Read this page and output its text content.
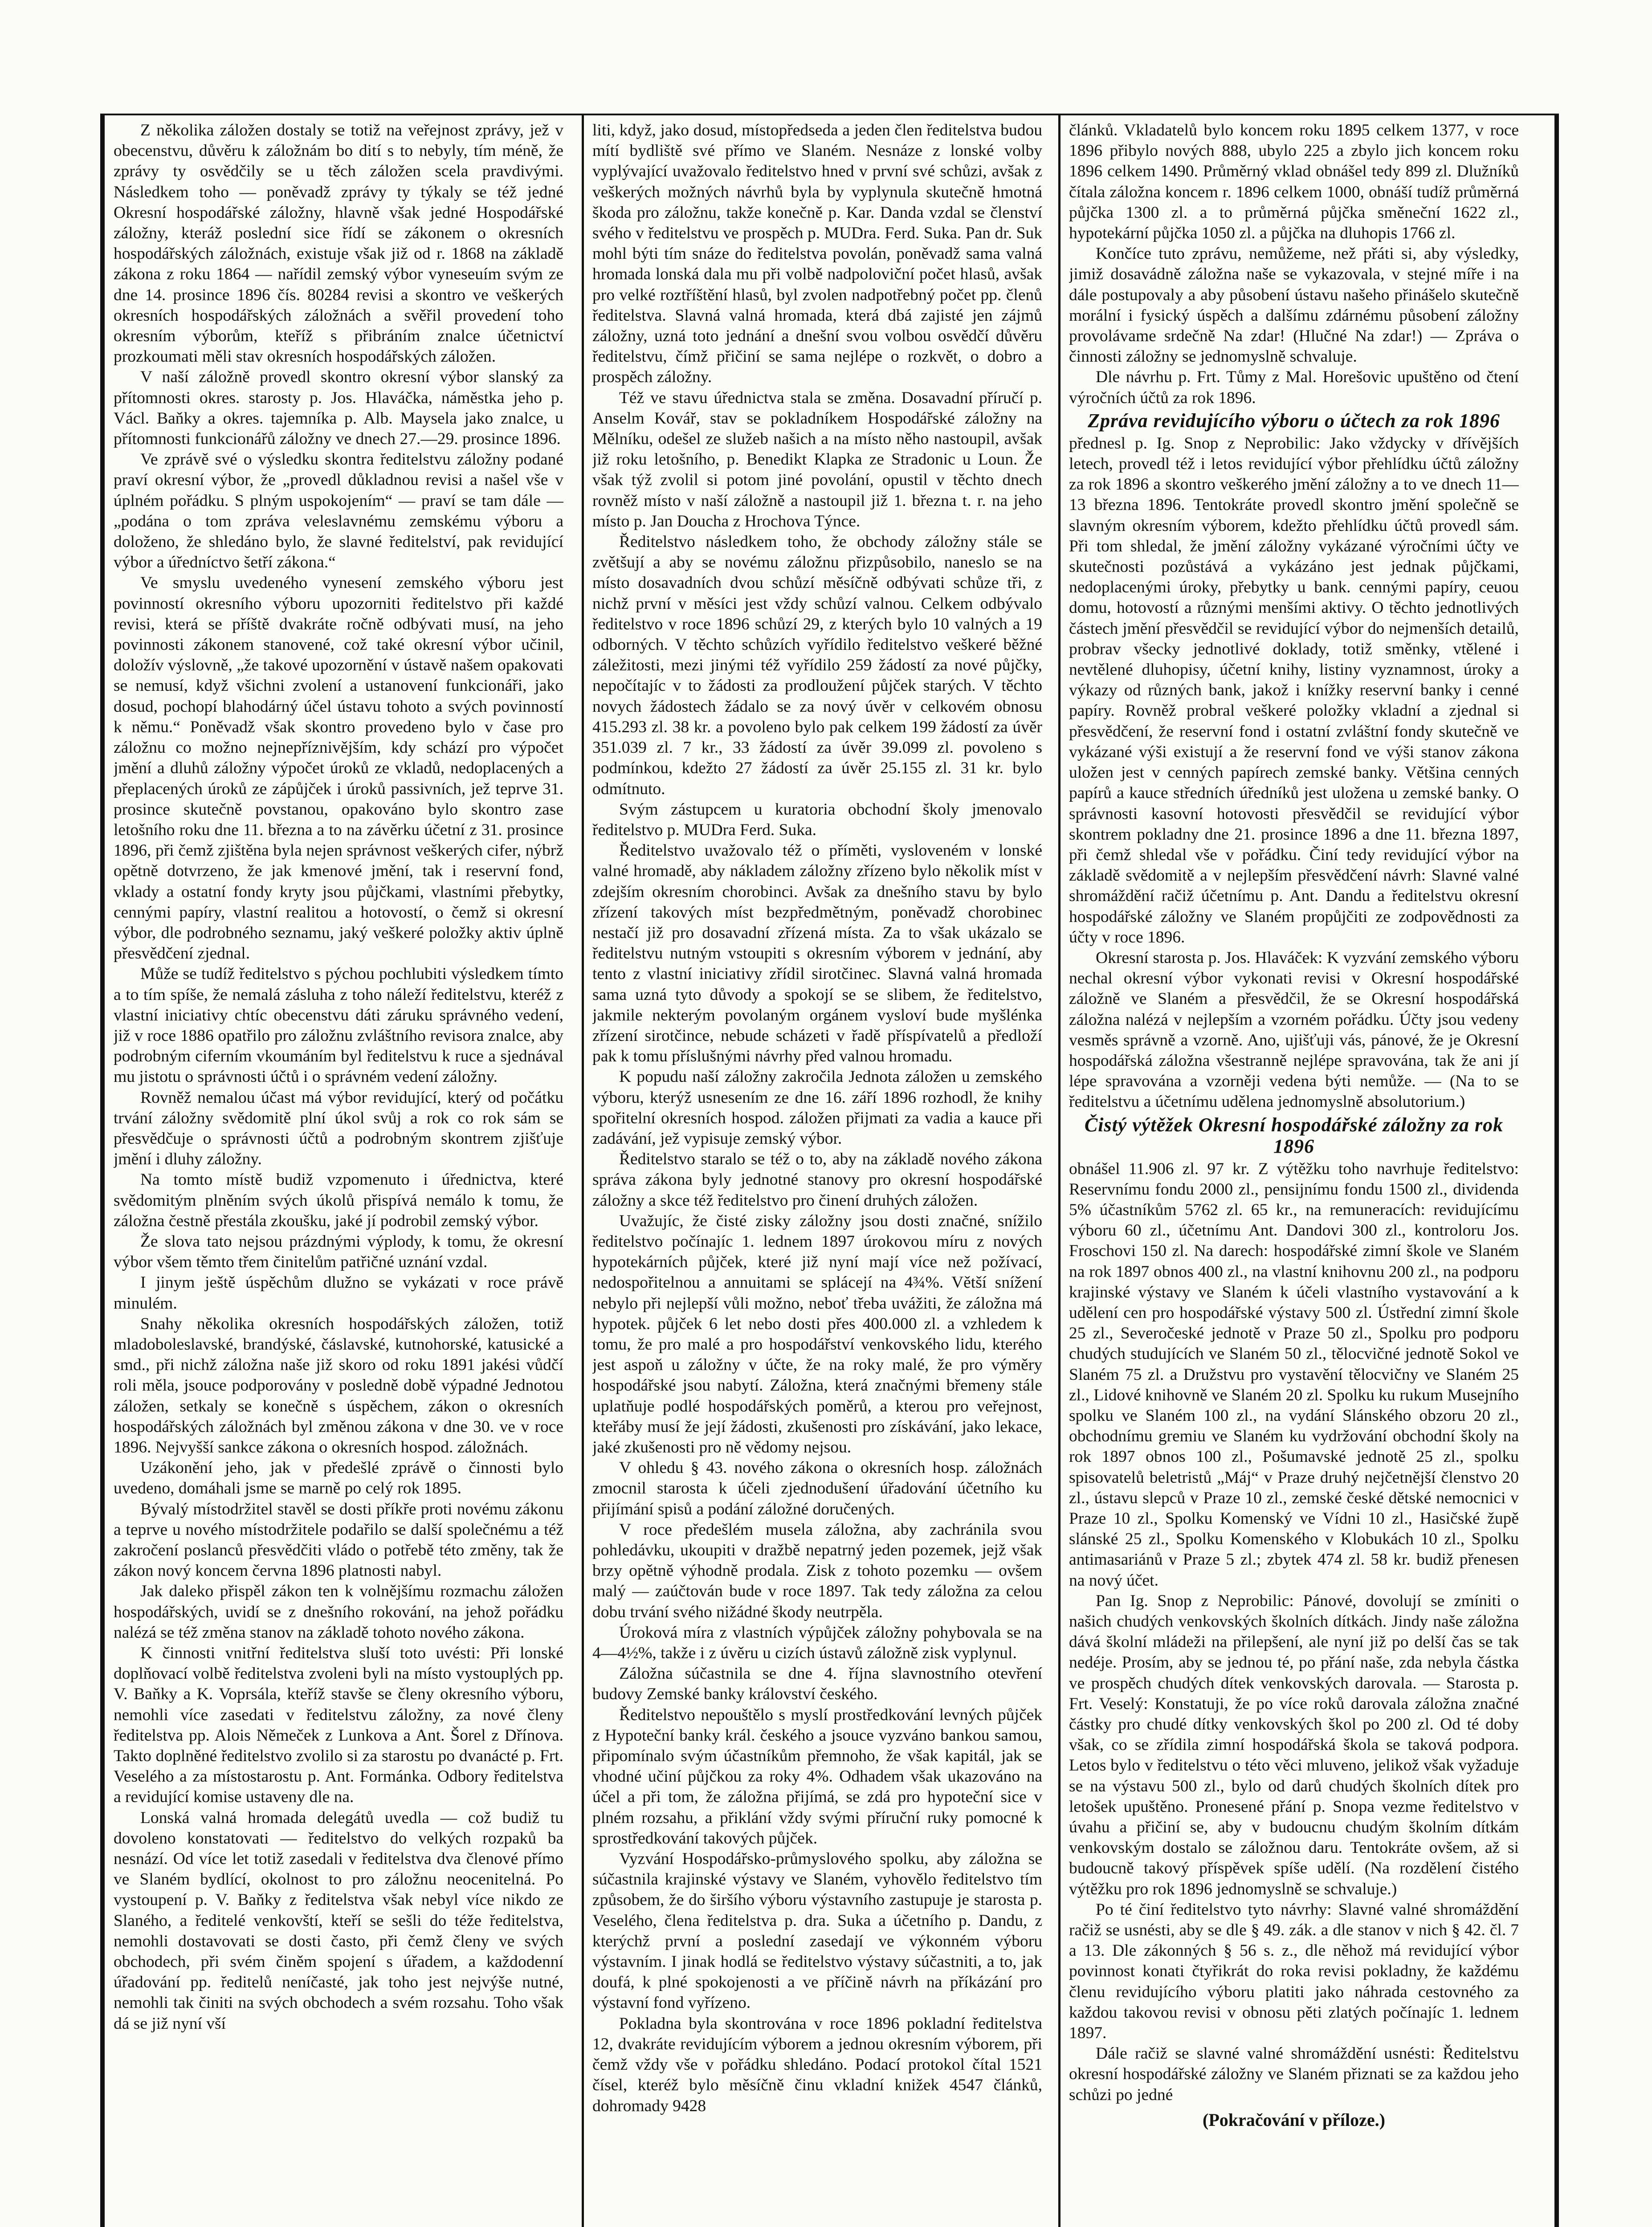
Z několika záložen dostaly se totiž na veřejnost zprávy, jež v obecenstvu, důvěru k záložnám bo dití s to nebyly, tím méně, že zprávy ty osvědčily se u těch záložen scela pravdivými. Následkem toho — poněvadž zprávy ty týkaly se též jedné Okresní hospodářské záložny, hlavně však jedné Hospodářské záložny, kteráž poslední sice řídí se zákonem o okresních hospodářských záložnách, existuje však již od r. 1868 na základě zákona z roku 1864 — nařídil zemský výbor vyneseuím svým ze dne 14. prosince 1896 čís. 80284 revisi a skontro ve veškerých okresních hospodářských záložnách a svěřil provedení toho okresním výborům, kteříž s přibráním znalce účetnictví prozkoumati měli stav okresních hospodářských záložen.

V naší záložně provedl skontro okresní výbor slanský za přítomnosti okres. starosty p. Jos. Hlaváčka, náměstka jeho p. Václ. Baňky a okres. tajemníka p. Alb. Maysela jako znalce, u přítomnosti funkcionářů záložny ve dnech 27.—29. prosince 1896.

Ve zprávě své o výsledku skontra ředitelstvu záložny podané praví okresní výbor, že „provedl důkladnou revisi a našel vše v úplném pořádku. S plným uspokojením“ — praví se tam dále — „podána o tom zpráva veleslavnému zemskému výboru a doloženo, že shledáno bylo, že slavné ředitelství, pak revidující výbor a úředníctvo šetří zákona.“

Ve smyslu uvedeného vynesení zemského výboru jest povinností okresního výboru upozorniti ředitelstvo při každé revisi, která se příště dvakráte ročně odbývati musí, na jeho povinnosti zákonem stanovené, což také okresní výbor učinil, doložív výslovně, „že takové upozornění v ústavě našem opakovati se nemusí, když všichni zvolení a ustanovení funkcionáři, jako dosud, pochopí blahodárný účel ústavu tohoto a svých povinností k němu.“ Poněvadž však skontro provedeno bylo v čase pro záložnu co možno nejnepříznivějším, kdy schází pro výpočet jmění a dluhů záložny výpočet úroků ze vkladů, nedoplacených a přeplacených úroků ze zápůjček i úroků passivních, jež teprve 31. prosince skutečně povstanou, opakováno bylo skontro zase letošního roku dne 11. března a to na závěrku účetní z 31. prosince 1896, při čemž zjištěna byla nejen správnost veškerých cifer, nýbrž opětně dotvrzeno, že jak kmenové jmění, tak i reservní fond, vklady a ostatní fondy kryty jsou půjčkami, vlastními přebytky, cennými papíry, vlastní realitou a hotovostí, o čemž si okresní výbor, dle podrobného seznamu, jaký veškeré položky aktiv úplně přesvědčení zjednal.

Může se tudíž ředitelstvo s pýchou pochlubiti výsledkem tímto a to tím spíše, že nemalá zásluha z toho náleží ředitelstvu, kteréž z vlastní iniciativy chtíc obecenstvu dáti záruku správného vedení, již v roce 1886 opatřilo pro záložnu zvláštního revisora znalce, aby podrobným ciferním vkoumáním byl ředitelstvu k ruce a sjednával mu jistotu o správnosti účtů i o správném vedení záložny.

Rovněž nemalou účast má výbor revidující, který od počátku trvání záložny svědomitě plní úkol svůj a rok co rok sám se přesvědčuje o správnosti účtů a podrobným skontrem zjišťuje jmění i dluhy záložny.

Na tomto místě budiž vzpomenuto i úřednictva, které svědomitým plněním svých úkolů přispívá nemálo k tomu, že záložna čestně přestála zkoušku, jaké jí podrobil zemský výbor.

Že slova tato nejsou prázdnými výplody, k tomu, že okresní výbor všem těmto třem činitelům patřičné uznání vzdal.

I jinym ještě úspěchům dlužno se vykázati v roce právě minulém.

Snahy několika okresních hospodářských záložen, totiž mladoboleslavské, brandýské, čáslavské, kutnohorské, katusické a smd., při nichž záložna naše již skoro od roku 1891 jakési vůdčí roli měla, jsouce podporovány v posledně době výpadné Jednotou záložen, setkaly se konečně s úspěchem, zákon o okresních hospodářských záložnách byl změnou zákona v dne 30. ve v roce 1896. Nejvyšší sankce zákona o okresních hospod. záložnách.

Uzákonění jeho, jak v předešlé zprávě o činnosti bylo uvedeno, domáhali jsme se marně po celý rok 1895.

Bývalý místodržitel stavěl se dosti příkře proti novému zákonu a teprve u nového místodržitele podařilo se další společnému a též zakročení poslanců přesvědčiti vládo o potřebě této změny, tak že zákon nový koncem června 1896 platnosti nabyl.

Jak daleko přispěl zákon ten k volnějšímu rozmachu záložen hospodářských, uvidí se z dnešního rokování, na jehož pořádku nalézá se též změna stanov na základě tohoto nového zákona.

K činnosti vnitřní ředitelstva sluší toto uvésti: Při lonské doplňovací volbě ředitelstva zvoleni byli na místo vystouplých pp. V. Baňky a K. Voprsála, kteříž stavše se členy okresního výboru, nemohli více zasedati v ředitelstvu záložny, za nové členy ředitelstva pp. Alois Němeček z Lunkova a Ant. Šorel z Dřínova. Takto doplněné ředitelstvo zvolilo si za starostu po dvanácté p. Frt. Veselého a za místostarostu p. Ant. Formánka. Odbory ředitelstva a revidující komise ustaveny dle na.

Lonská valná hromada delegátů uvedla — což budiž tu dovoleno konstatovati — ředitelstvo do velkých rozpaků ba nesnází. Od více let totiž zasedali v ředitelstva dva členové přímo ve Slaném bydlící, okolnost to pro záložnu neocenitelná. Po vystoupení p. V. Baňky z ředitelstva však nebyl více nikdo ze Slaného, a ředitelé venkovští, kteří se sešli do téže ředitelstva, nemohli dostavovati se dosti často, při čemž členy ve svých obchodech, při svém činěm spojení s úřadem, a každodenní úřadování pp. ředitelů neníčasté, jak toho jest nejvýše nutné, nemohli tak činiti na svých obchodech a svém rozsahu. Toho však dá se již nyní vší

liti, když, jako dosud, místopředseda a jeden člen ředitelstva budou mítí bydliště své přímo ve Slaném. Nesnáze z lonské volby vyplývající uvažovalo ředitelstvo hned v první své schůzi, avšak z veškerých možných návrhů byla by vyplynula skutečně hmotná škoda pro záložnu, takže konečně p. Kar. Danda vzdal se členství svého v ředitelstvu ve prospěch p. MUDra. Ferd. Suka. Pan dr. Suk mohl býti tím snáze do ředitelstva povolán, poněvadž sama valná hromada lonská dala mu při volbě nadpoloviční počet hlasů, avšak pro velké roztříštění hlasů, byl zvolen nadpotřebný počet pp. členů ředitelstva. Slavná valná hromada, která dbá zajisté jen zájmů záložny, uzná toto jednání a dnešní svou volbou osvědčí důvěru ředitelstvu, čímž přičiní se sama nejlépe o rozkvět, o dobro a prospěch záložny.

Též ve stavu úřednictva stala se změna. Dosavadní příručí p. Anselm Kovář, stav se pokladníkem Hospodářské záložny na Mělníku, odešel ze služeb našich a na místo něho nastoupil, avšak již roku letošního, p. Benedikt Klapka ze Stradonic u Loun. Že však týž zvolil si potom jiné povolání, opustil v těchto dnech rovněž místo v naší záložně a nastoupil již 1. března t. r. na jeho místo p. Jan Doucha z Hrochova Týnce.

Ředitelstvo následkem toho, že obchody záložny stále se zvětšují a aby se novému záložnu přizpůsobilo, naneslo se na místo dosavadních dvou schůzí měsíčně odbývati schůze tři, z nichž první v měsíci jest vždy schůzí valnou. Celkem odbývalo ředitelstvo v roce 1896 schůzí 29, z kterých bylo 10 valných a 19 odborných. V těchto schůzích vyřídilo ředitelstvo veškeré běžné záležitosti, mezi jinými též vyřídilo 259 žádostí za nové půjčky, nepočítajíc v to žádosti za prodloužení půjček starých. V těchto novych žádostech žádalo se za nový úvěr v celkovém obnosu 415.293 zl. 38 kr. a povoleno bylo pak celkem 199 žádostí za úvěr 351.039 zl. 7 kr., 33 žádostí za úvěr 39.099 zl. povoleno s podmínkou, kdežto 27 žádostí za úvěr 25.155 zl. 31 kr. bylo odmítnuto.

Svým zástupcem u kuratoria obchodní školy jmenovalo ředitelstvo p. MUDra Ferd. Suka.

Ředitelstvo uvažovalo též o příměti, vysloveném v lonské valné hromadě, aby nákladem záložny zřízeno bylo několik míst v zdejším okresním chorobinci. Avšak za dnešního stavu by bylo zřízení takových míst bezpředmětným, poněvadž chorobinec nestačí již pro dosavadní zřízená místa. Za to však ukázalo se ředitelstvu nutným vstoupiti s okresním výborem v jednání, aby tento z vlastní iniciativy zřídil sirotčinec. Slavná valná hromada sama uzná tyto důvody a spokojí se se slibem, že ředitelstvo, jakmile nekterým povolaným orgánem vysloví bude myšlénka zřízení sirotčince, nebude scházeti v řadě příspívatelů a předloží pak k tomu příslušnými návrhy před valnou hromadu.

K popudu naší záložny zakročila Jednota záložen u zemského výboru, kterýž usnesením ze dne 16. září 1896 rozhodl, že knihy spořitelní okresních hospod. záložen přijmati za vadia a kauce při zadávání, jež vypisuje zemský výbor.

Ředitelstvo staralo se též o to, aby na základě nového zákona správa zákona byly jednotné stanovy pro okresní hospodářské záložny a skce též ředitelstvo pro činení druhých záložen.

Uvažujíc, že čisté zisky záložny jsou dosti značné, snížilo ředitelstvo počínajíc 1. lednem 1897 úrokovou míru z nových hypotekárních půjček, které již nyní mají více než požívací, nedospořitelnou a annuitami se splácejí na 4¾%. Větší snížení nebylo při nejlepší vůli možno, neboť třeba uvážiti, že záložna má hypotek. půjček 6 let nebo dosti přes 400.000 zl. a vzhledem k tomu, že pro malé a pro hospodářství venkovského lidu, kterého jest aspoň u záložny v účte, že na roky malé, že pro výměry hospodářské jsou nabytí. Záložna, která značnými břemeny stále uplatňuje podlé hospodářských poměrů, a kterou pro veřejnost, kteřáby musí že její žádosti, zkušenosti pro získávání, jako lekace, jaké zkušenosti pro ně vědomy nejsou.

V ohledu § 43. nového zákona o okresních hosp. záložnách zmocnil starosta k účeli zjednodušení úřadování účetního ku přijímání spisů a podání záložné doručených.

V roce předešlém musela záložna, aby zachránila svou pohledávku, ukoupiti v dražbě nepatrný jeden pozemek, jejž však brzy opětně výhodně prodala. Zisk z tohoto pozemku — ovšem malý — zaúčtován bude v roce 1897. Tak tedy záložna za celou dobu trvání svého nižádné škody neutrpěla.

Úroková míra z vlastních výpůjček záložny pohybovala se na 4—4½%, takže i z úvěru u cizích ústavů záložně zisk vyplynul.

Záložna súčastnila se dne 4. října slavnostního otevření budovy Zemské banky království českého.

Ředitelstvo nepouštělo s myslí prostředkování levných půjček z Hypoteční banky král. českého a jsouce vyzváno bankou samou, připomínalo svým účastníkům přemnoho, že však kapitál, jak se vhodné učiní půjčkou za roky 4%. Odhadem však ukazováno na účel a při tom, že záložna přijímá, se zdá pro hypoteční sice v plném rozsahu, a přiklání vždy svými příruční ruky pomocné k sprostředkování takových půjček.

Vyzvání Hospodářsko-průmyslového spolku, aby záložna se súčastnila krajinské výstavy ve Slaném, vyhovělo ředitelstvo tím způsobem, že do širšího výboru výstavního zastupuje je starosta p. Veselého, člena ředitelstva p. dra. Suka a účetního p. Dandu, z kterýchž první a poslední zasedají ve výkonném výboru výstavním. I jinak hodlá se ředitelstvo výstavy súčastniti, a to, jak doufá, k plné spokojenosti a ve příčině návrh na příkázání pro výstavní fond vyřízeno.

Pokladna byla skontrována v roce 1896 pokladní ředitelstva 12, dvakráte revidujícím výborem a jednou okresním výborem, při čemž vždy vše v pořádku shledáno. Podací protokol čítal 1521 čísel, kteréž bylo měsíčně činu vkladní knižek 4547 článků, dohromady 9428

článků. Vkladatelů bylo koncem roku 1895 celkem 1377, v roce 1896 přibylo nových 888, ubylo 225 a zbylo jich koncem roku 1896 celkem 1490. Průměrný vklad obnášel tedy 899 zl. Dlužníků čítala záložna koncem r. 1896 celkem 1000, obnáší tudíž průměrná půjčka 1300 zl. a to průměrná půjčka směneční 1622 zl., hypotekární půjčka 1050 zl. a půjčka na dluhopis 1766 zl.

Končíce tuto zprávu, nemůžeme, než přáti si, aby výsledky, jimiž dosavádně záložna naše se vykazovala, v stejné míře i na dále postupovaly a aby působení ústavu našeho přinášelo skutečně morální i fysický úspěch a dalšímu zdárnému působení záložny provolávame srdečně Na zdar! (Hlučné Na zdar!) — Zpráva o činnosti záložny se jednomyslně schvaluje.

Dle návrhu p. Frt. Tůmy z Mal. Horešovic upuštěno od čtení výročních účtů za rok 1896.

Zpráva revidujícího výboru o účtech za rok 1896

přednesl p. Ig. Snop z Neprobilic: Jako vždycky v dřívějších letech, provedl též i letos revidující výbor přehlídku účtů záložny za rok 1896 a skontro veškerého jmění záložny a to ve dnech 11—13 března 1896. Tentokráte provedl skontro jmění společně se slavným okresním výborem, kdežto přehlídku účtů provedl sám. Při tom shledal, že jmění záložny vykázané výročními účty ve skutečnosti pozůstává a vykázáno jest jednak půjčkami, nedoplacenými úroky, přebytky u bank. cennými papíry, ceuou domu, hotovostí a různými menšími aktivy. O těchto jednotlivých částech jmění přesvědčil se revidující výbor do nejmenších detailů, probrav všecky jednotlivé doklady, totiž směnky, vtělené i nevtělené dluhopisy, účetní knihy, listiny vyznamnost, úroky a výkazy od různých bank, jakož i knížky reservní banky i cenné papíry. Rovněž probral veškeré položky vkladní a zjednal si přesvědčení, že reservní fond i ostatní zvláštní fondy skutečně ve vykázané výši existují a že reservní fond ve výši stanov zákona uložen jest v cenných papírech zemské banky. Většina cenných papírů a kauce středních úředníků jest uložena u zemské banky. O správnosti kasovní hotovosti přesvědčil se revidující výbor skontrem pokladny dne 21. prosince 1896 a dne 11. března 1897, při čemž shledal vše v pořádku. Činí tedy revidující výbor na základě svědomitě a v nejlepším přesvědčení návrh: Slavné valné shromáždění račiž účetnímu p. Ant. Dandu a ředitelstvu okresní hospodářské záložny ve Slaném propůjčiti ze zodpovědnosti za účty v roce 1896.

Okresní starosta p. Jos. Hlaváček: K vyzvání zemského výboru nechal okresní výbor vykonati revisi v Okresní hospodářské záložně ve Slaném a přesvědčil, že se Okresní hospodářská záložna nalézá v nejlepším a vzorném pořádku. Účty jsou vedeny vesměs správně a vzorně. Ano, ujišťuji vás, pánové, že je Okresní hospodářská záložna všestranně nejlépe spravována, tak že ani jí lépe spravována a vzorněji vedena býti nemůže. — (Na to se ředitelstvu a účetnímu udělena jednomyslně absolutorium.)

Čistý výtěžek Okresní hospodářské záložny za rok 1896

obnášel 11.906 zl. 97 kr. Z výtěžku toho navrhuje ředitelstvo: Reservnímu fondu 2000 zl., pensijnímu fondu 1500 zl., dividenda 5% účastníkům 5762 zl. 65 kr., na remuneracích: revidujícímu výboru 60 zl., účetnímu Ant. Dandovi 300 zl., kontroloru Jos. Froschovi 150 zl. Na darech: hospodářské zimní škole ve Slaném na rok 1897 obnos 400 zl., na vlastní knihovnu 200 zl., na podporu krajinské výstavy ve Slaném k účeli vlastního vystavování a k udělení cen pro hospodářské výstavy 500 zl. Ústřední zimní škole 25 zl., Severočeské jednotě v Praze 50 zl., Spolku pro podporu chudých studujících ve Slaném 50 zl., tělocvičné jednotě Sokol ve Slaném 75 zl. a Družstvu pro vystavění tělocvičny ve Slaném 25 zl., Lidové knihovně ve Slaném 20 zl. Spolku ku rukum Musejního spolku ve Slaném 100 zl., na vydání Slánského obzoru 20 zl., obchodnímu gremiu ve Slaném ku vydržování obchodní školy na rok 1897 obnos 100 zl., Pošumavské jednotě 25 zl., spolku spisovatelů beletristů „Máj“ v Praze druhý nejčetnější členstvo 20 zl., ústavu slepců v Praze 10 zl., zemské české dětské nemocnici v Praze 10 zl., Spolku Komenský ve Vídni 10 zl., Hasičské župě slánské 25 zl., Spolku Komenského v Klobukách 10 zl., Spolku antimasariánů v Praze 5 zl.; zbytek 474 zl. 58 kr. budiž přenesen na nový účet.

Pan Ig. Snop z Neprobilic: Pánové, dovolují se zmíniti o našich chudých venkovských školních dítkách. Jindy naše záložna dává školní mládeži na přilepšení, ale nyní již po delší čas se tak nedéje. Prosím, aby se jednou té, po přání naše, zda nebyla částka ve prospěch chudých dítek venkovských darovala. — Starosta p. Frt. Veselý: Konstatuji, že po více roků darovala záložna značné částky pro chudé dítky venkovských škol po 200 zl. Od té doby však, co se zřídila zimní hospodářská škola se taková podpora. Letos bylo v ředitelstvu o této věci mluveno, jelikož však vyžaduje se na výstavu 500 zl., bylo od darů chudých školních dítek pro letošek upuštěno. Pronesené přání p. Snopa vezme ředitelstvo v úvahu a přičiní se, aby v budoucnu chudým školním dítkám venkovským dostalo se záložnou daru. Tentokráte ovšem, až si budoucně takový příspěvek spíše udělí. (Na rozdělení čistého výtěžku pro rok 1896 jednomyslně se schvaluje.)

Po té činí ředitelstvo tyto návrhy: Slavné valné shromáždění račiž se usnésti, aby se dle § 49. zák. a dle stanov v nich § 42. čl. 7 a 13. Dle zákonných § 56 s. z., dle něhož má revidující výbor povinnost konati čtyřikrát do roka revisi pokladny, že každému členu revidujícího výboru platiti jako náhrada cestovného za každou takovou revisi v obnosu pěti zlatých počínajíc 1. lednem 1897.

Dále račiž se slavné valné shromáždění usnésti: Ředitelstvu okresní hospodářské záložny ve Slaném přiznati se za každou jeho schůzi po jedné

(Pokračování v příloze.)
